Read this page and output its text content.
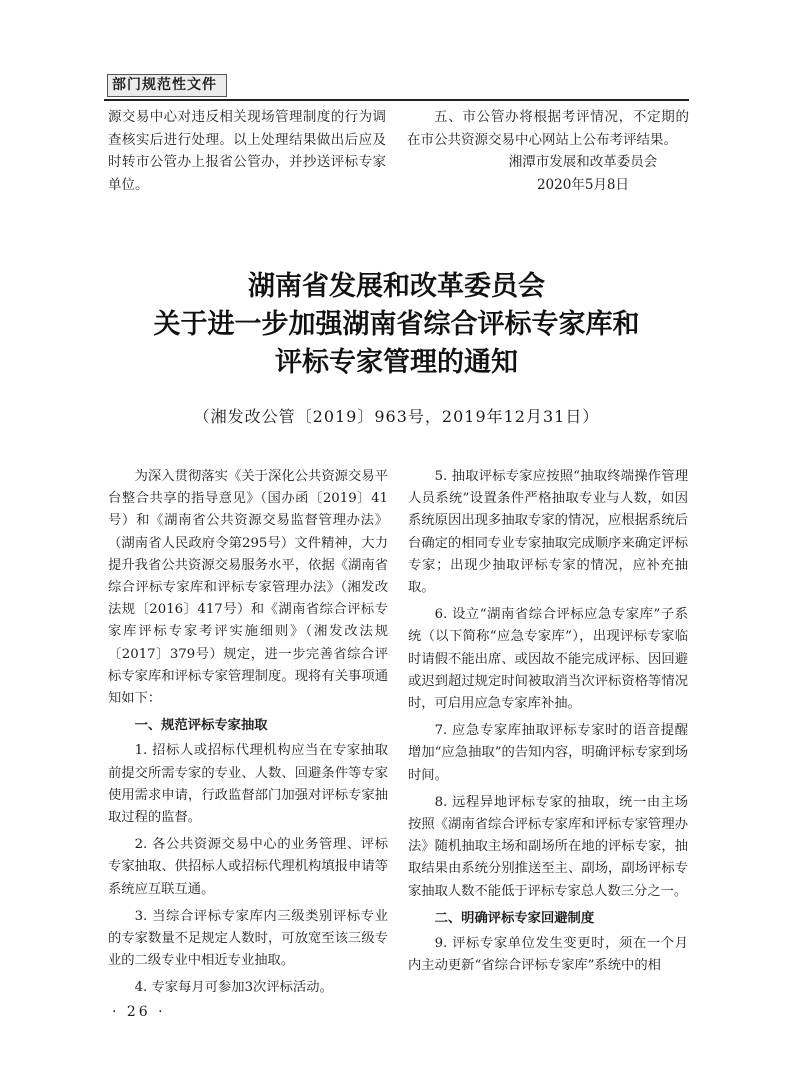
部门规范性文件

源交易中心对违反相关现场管理制度的行为调查核实后进行处理。以上处理结果做出后应及时转市公管办上报省公管办，并抄送评标专家单位。

五、市公管办将根据考评情况，不定期的在市公共资源交易中心网站上公布考评结果。

湘潭市发展和改革委员会

2020年5月8日

湖南省发展和改革委员会
关于进一步加强湖南省综合评标专家库和
评标专家管理的通知
（湘发改公管〔2019〕963号，2019年12月31日）

为深入贯彻落实《关于深化公共资源交易平台整合共享的指导意见》（国办函〔2019〕41号）和《湖南省公共资源交易监督管理办法》（湖南省人民政府令第295号）文件精神，大力提升我省公共资源交易服务水平，依据《湖南省综合评标专家库和评标专家管理办法》（湘发改法规〔2016〕417号）和《湖南省综合评标专家库评标专家考评实施细则》（湘发改法规〔2017〕379号）规定，进一步完善省综合评标专家库和评标专家管理制度。现将有关事项通知如下：

一、规范评标专家抽取

1. 招标人或招标代理机构应当在专家抽取前提交所需专家的专业、人数、回避条件等专家使用需求申请，行政监督部门加强对评标专家抽取过程的监督。

2. 各公共资源交易中心的业务管理、评标专家抽取、供招标人或招标代理机构填报申请等系统应互联互通。

3. 当综合评标专家库内三级类别评标专业的专家数量不足规定人数时，可放宽至该三级专业的二级专业中相近专业抽取。

4. 专家每月可参加3次评标活动。

5. 抽取评标专家应按照“抽取终端操作管理人员系统”设置条件严格抽取专业与人数，如因系统原因出现多抽取专家的情况，应根据系统后台确定的相同专业专家抽取完成顺序来确定评标专家；出现少抽取评标专家的情况，应补充抽取。

6. 设立“湖南省综合评标应急专家库”子系统（以下简称“应急专家库”），出现评标专家临时请假不能出席、或因故不能完成评标、因回避或迟到超过规定时间被取消当次评标资格等情况时，可启用应急专家库补抽。

7. 应急专家库抽取评标专家时的语音提醒增加“应急抽取”的告知内容，明确评标专家到场时间。

8. 远程异地评标专家的抽取，统一由主场按照《湖南省综合评标专家库和评标专家管理办法》随机抽取主场和副场所在地的评标专家，抽取结果由系统分别推送至主、副场，副场评标专家抽取人数不能低于评标专家总人数三分之一。

二、明确评标专家回避制度

9. 评标专家单位发生变更时，须在一个月内主动更新“省综合评标专家库”系统中的相

· 26 ·
